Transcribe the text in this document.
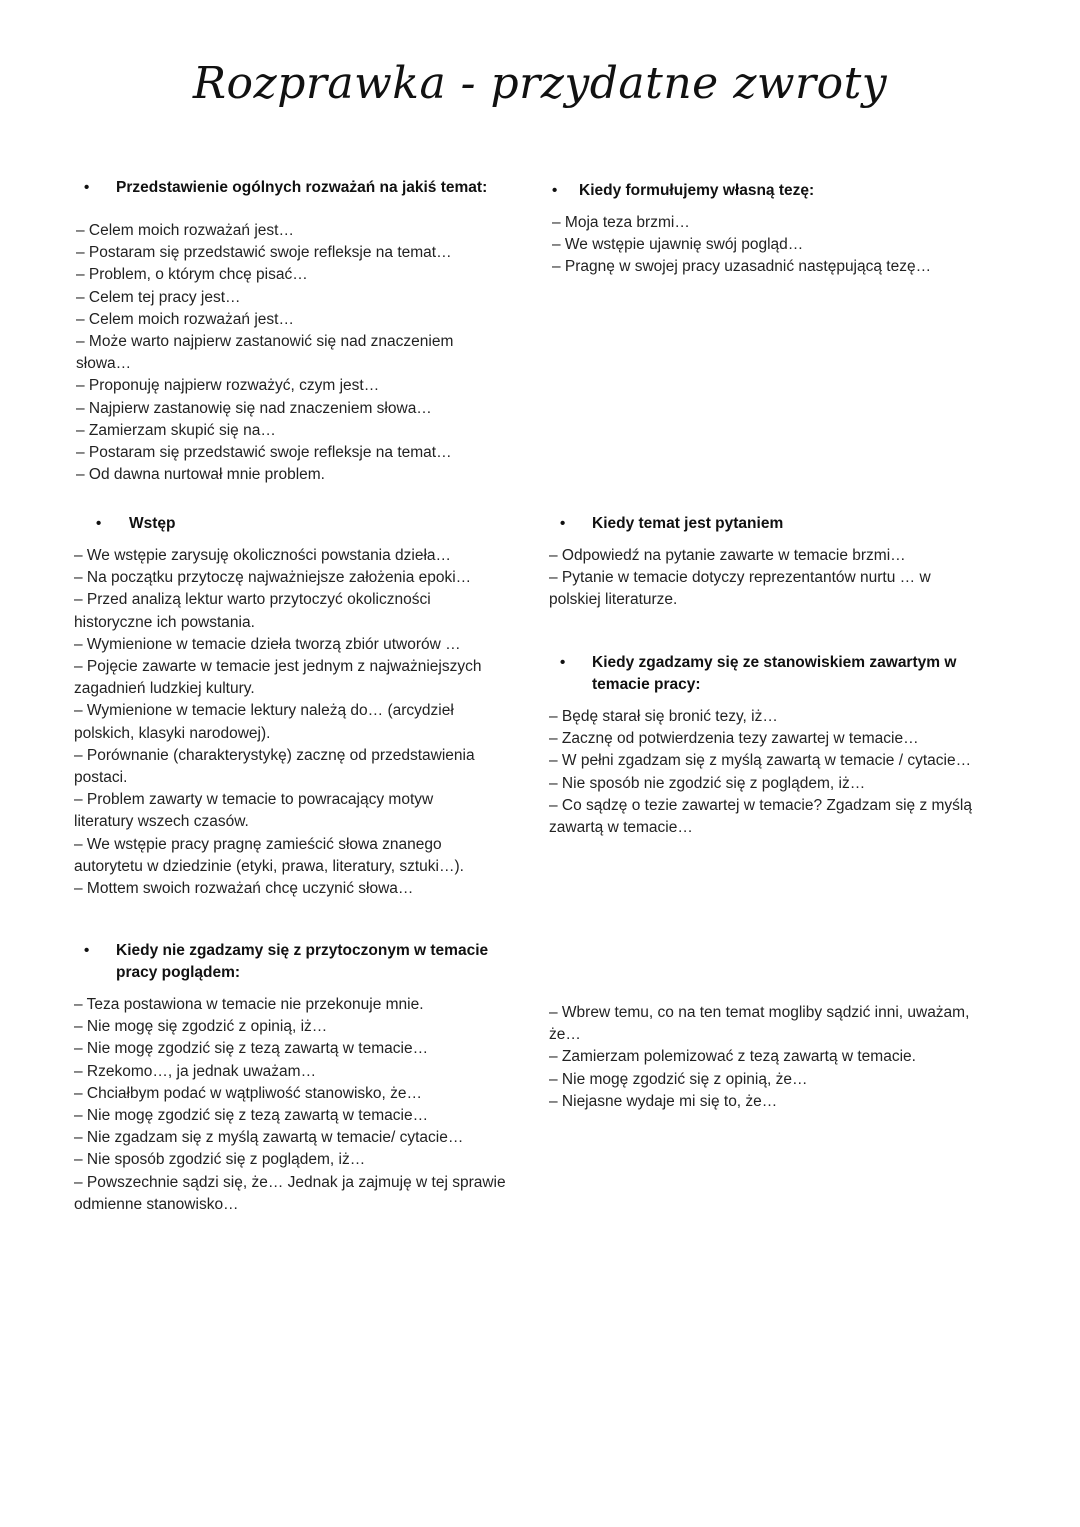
Rozprawka - przydatne zwroty
•	Przedstawienie ogólnych rozważań na jakiś temat:
– Celem moich rozważań jest…
– Postaram się przedstawić swoje refleksje na temat…
– Problem, o którym chcę pisać…
– Celem tej pracy jest…
– Celem moich rozważań jest…
– Może warto najpierw zastanowić się nad znaczeniem
słowa…
– Proponuję najpierw rozważyć, czym jest…
– Najpierw zastanowię się nad znaczeniem słowa…
– Zamierzam skupić się na…
– Postaram się przedstawić swoje refleksje na temat…
– Od dawna nurtował mnie problem.
•	Kiedy formułujemy własną tezę:
– Moja teza brzmi…
– We wstępie ujawnię swój pogląd…
– Pragnę w swojej pracy uzasadnić następującą tezę…
•	Wstęp
– We wstępie zarysuję okoliczności powstania dzieła…
– Na początku przytoczę najważniejsze założenia epoki…
– Przed analizą lektur warto przytoczyć okoliczności
historyczne ich powstania.
– Wymienione w temacie dzieła tworzą zbiór utworów …
– Pojęcie zawarte w temacie jest jednym z najważniejszych
zagadnień ludzkiej kultury.
– Wymienione w temacie lektury należą do… (arcydzieł
polskich, klasyki narodowej).
– Porównanie (charakterystykę) zacznę od przedstawienia
postaci.
– Problem zawarty w temacie to powracający motyw
literatury wszech czasów.
– We wstępie pracy pragnę zamieścić słowa znanego
autorytetu w dziedzinie (etyki, prawa, literatury, sztuki…).
– Mottem swoich rozważań chcę uczynić słowa…
•	Kiedy temat jest pytaniem
– Odpowiedź na pytanie zawarte w temacie brzmi…
– Pytanie w temacie dotyczy reprezentantów nurtu … w
polskiej literaturze.
•	Kiedy zgadzamy się ze stanowiskiem zawartym w temacie pracy:
– Będę starał się bronić tezy, iż…
– Zacznę od potwierdzenia tezy zawartej w temacie…
– W pełni zgadzam się z myślą zawartą w temacie / cytacie…
– Nie sposób nie zgodzić się z poglądem, iż…
– Co sądzę o tezie zawartej w temacie? Zgadzam się z myślą
zawartą w temacie…
•	Kiedy nie zgadzamy się z przytoczonym w temacie pracy poglądem:
– Teza postawiona w temacie nie przekonuje mnie.
– Nie mogę się zgodzić z opinią, iż…
– Nie mogę zgodzić się z tezą zawartą w temacie…
– Rzekomo…, ja jednak uważam…
– Chciałbym podać w wątpliwość stanowisko, że…
– Nie mogę zgodzić się z tezą zawartą w temacie…
– Nie zgadzam się z myślą zawartą w temacie/ cytacie…
– Nie sposób zgodzić się z poglądem, iż…
– Powszechnie sądzi się, że… Jednak ja zajmuję w tej sprawie
odmienne stanowisko…
– Wbrew temu, co na ten temat mogliby sądzić inni, uważam,
że…
– Zamierzam polemizować z tezą zawartą w temacie.
– Nie mogę zgodzić się z opinią, że…
– Niejasne wydaje mi się to, że…
